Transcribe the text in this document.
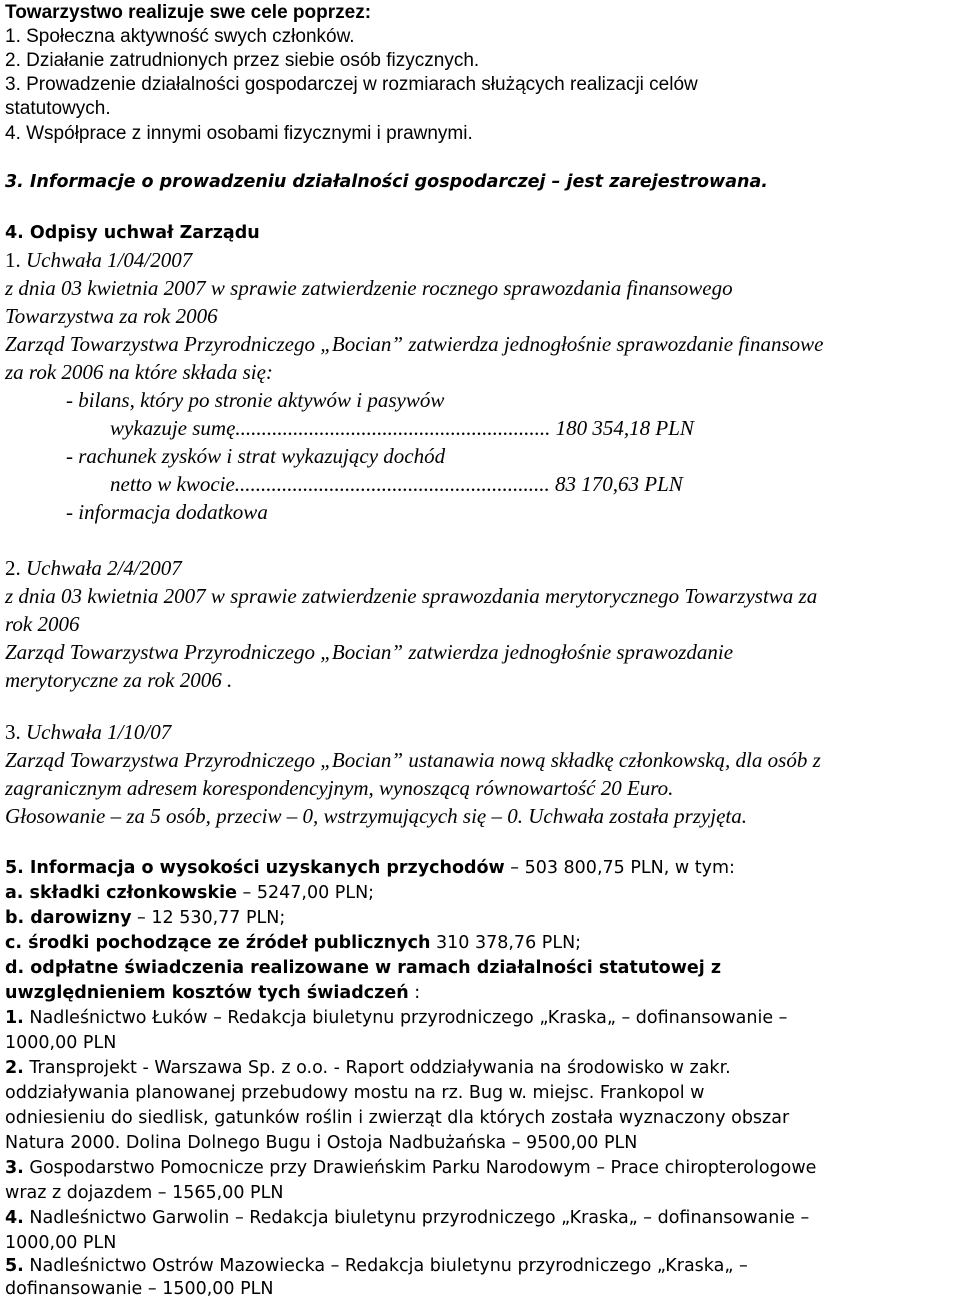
Towarzystwo realizuje swe cele poprzez:
1. Społeczna aktywność swych członków.
2. Działanie zatrudnionych przez siebie osób fizycznych.
3. Prowadzenie działalności gospodarczej w rozmiarach służących realizacji celów
statutowych.
4. Współprace z innymi osobami fizycznymi i prawnymi.
3. Informacje o prowadzeniu działalności gospodarczej – jest zarejestrowana.
4. Odpisy uchwał Zarządu
1. Uchwała 1/04/2007
z dnia 03 kwietnia 2007 w sprawie zatwierdzenie rocznego sprawozdania finansowego
Towarzystwa za rok 2006
Zarząd Towarzystwa Przyrodniczego „Bocian” zatwierdza jednogłośnie sprawozdanie finansowe
za rok 2006 na które składa się:
- bilans, który po stronie aktywów i pasywów
wykazuje sumę............................................................ 180 354,18 PLN
- rachunek zysków i strat wykazujący dochód
netto w kwocie............................................................ 83 170,63 PLN
- informacja dodatkowa
2. Uchwała 2/4/2007
z dnia 03 kwietnia 2007 w sprawie zatwierdzenie sprawozdania merytorycznego Towarzystwa za
rok 2006
Zarząd Towarzystwa Przyrodniczego „Bocian” zatwierdza jednogłośnie sprawozdanie
merytoryczne za rok 2006 .
3. Uchwała 1/10/07
Zarząd Towarzystwa Przyrodniczego „Bocian” ustanawia nową składkę członkowską, dla osób z
zagranicznym adresem korespondencyjnym, wynoszącą równowartość 20 Euro.
Głosowanie – za 5 osób, przeciw – 0, wstrzymujących się – 0. Uchwała została przyjęta.
5. Informacja o wysokości uzyskanych przychodów – 503 800,75 PLN, w tym:
a. składki członkowskie – 5247,00 PLN;
b. darowizny – 12 530,77 PLN;
c. środki pochodzące ze źródeł publicznych 310 378,76 PLN;
d. odpłatne świadczenia realizowane w ramach działalności statutowej z
uwzględnieniem kosztów tych świadczeń :
1. Nadleśnictwo Łuków – Redakcja biuletynu przyrodniczego „Kraska„ – dofinansowanie –
1000,00 PLN
2. Transprojekt - Warszawa Sp. z o.o. - Raport oddziaływania na środowisko w zakr.
oddziaływania planowanej przebudowy mostu na rz. Bug w. miejsc. Frankopol w
odniesieniu do siedlisk, gatunków roślin i zwierząt dla których została wyznaczony obszar
Natura 2000. Dolina Dolnego Bugu i Ostoja Nadbużańska – 9500,00 PLN
3. Gospodarstwo Pomocnicze przy Drawieńskim Parku Narodowym – Prace chiropterologowe
wraz z dojazdem – 1565,00 PLN
4. Nadleśnictwo Garwolin – Redakcja biuletynu przyrodniczego „Kraska„ – dofinansowanie –
1000,00 PLN
5. Nadleśnictwo Ostrów Mazowiecka – Redakcja biuletynu przyrodniczego „Kraska„ –
dofinansowanie – 1500,00 PLN
